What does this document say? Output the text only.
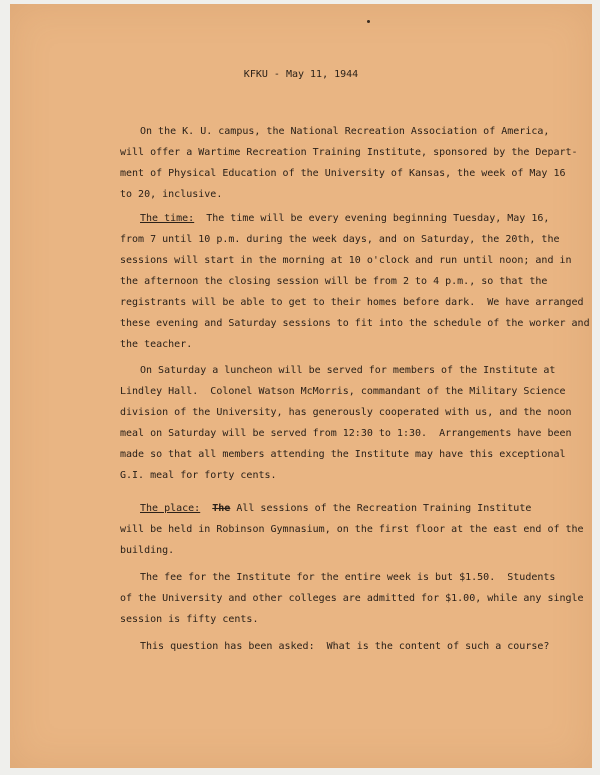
KFKU - May 11, 1944
On the K. U. campus, the National Recreation Association of America,
will offer a Wartime Recreation Training Institute, sponsored by the Depart-
ment of Physical Education of the University of Kansas, the week of May 16
to 20, inclusive.
The time:  The time will be every evening beginning Tuesday, May 16,
from 7 until 10 p.m. during the week days, and on Saturday, the 20th, the
sessions will start in the morning at 10 o'clock and run until noon; and in
the afternoon the closing session will be from 2 to 4 p.m., so that the
registrants will be able to get to their homes before dark.  We have arranged
these evening and Saturday sessions to fit into the schedule of the worker and
the teacher.
On Saturday a luncheon will be served for members of the Institute at
Lindley Hall.  Colonel Watson McMorris, commandant of the Military Science
division of the University, has generously cooperated with us, and the noon
meal on Saturday will be served from 12:30 to 1:30.  Arrangements have been
made so that all members attending the Institute may have this exceptional
G.I. meal for forty cents.
The place: The All sessions of the Recreation Training Institute
will be held in Robinson Gymnasium, on the first floor at the east end of the
building.
The fee for the Institute for the entire week is but $1.50.  Students
of the University and other colleges are admitted for $1.00, while any single
session is fifty cents.
This question has been asked:  What is the content of such a course?
